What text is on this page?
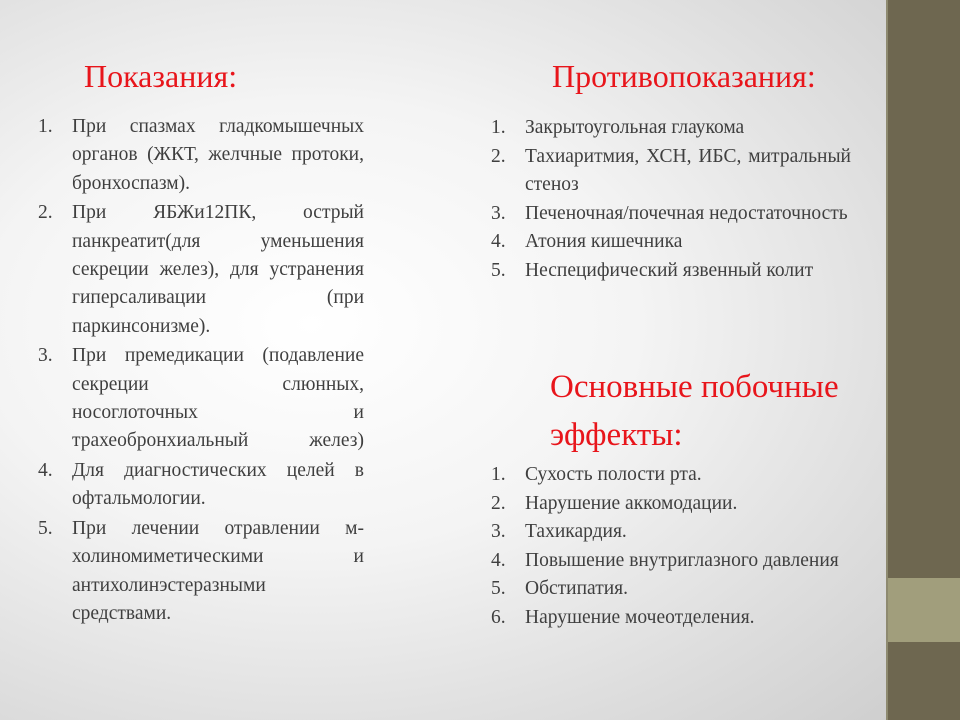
Показания:
1. При спазмах гладкомышечных органов (ЖКТ, желчные протоки, бронхоспазм).
2. При ЯБЖи12ПК, острый панкреатит(для уменьшения секреции желез), для устранения гиперсаливации (при паркинсонизме).
3. При премедикации (подавление секреции слюнных, носоглоточных и трахеобронхиальный желез)
4. Для диагностических целей в офтальмологии.
5. При лечении отравлении м-холиномиметическими и антихолинэстеразными средствами.
Противопоказания:
1. Закрытоугольная глаукома
2. Тахиаритмия, ХСН, ИБС, митральный стеноз
3. Печеночная/почечная недостаточность
4. Атония кишечника
5. Неспецифический язвенный колит
Основные побочные эффекты:
1. Сухость полости рта.
2. Нарушение аккомодации.
3. Тахикардия.
4. Повышение внутриглазного давления
5. Обстипатия.
6. Нарушение мочеотделения.
